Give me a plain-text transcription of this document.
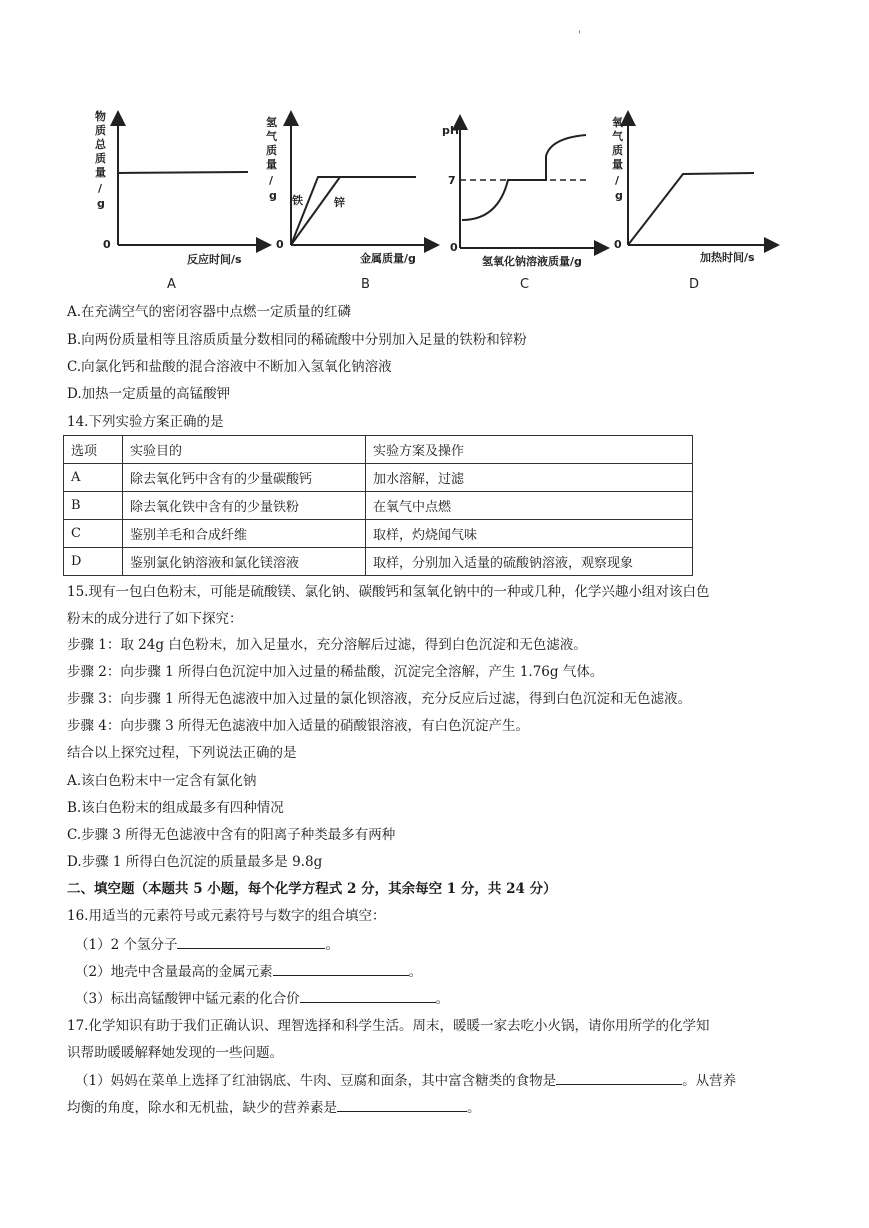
'
物
质
总
质
量
/
g
0
反应时间/s
A
氢
气
质
量
/
g 铁	锌
0
金属质量/g
B
pH
7
0
氢氧化钠溶液质量/g
C
氧
气
质
量
/
g
0
加热时间/s
D
A.在充满空气的密闭容器中点燃一定质量的红磷
B.向两份质量相等且溶质质量分数相同的稀硫酸中分别加入足量的铁粉和锌粉
C.向氯化钙和盐酸的混合溶液中不断加入氢氧化钠溶液
D.加热一定质量的高锰酸钾
14.下列实验方案正确的是
选项	实验目的	实验方案及操作
A	除去氧化钙中含有的少量碳酸钙	加水溶解，过滤
B	除去氧化铁中含有的少量铁粉	在氧气中点燃
C	鉴别羊毛和合成纤维	取样，灼烧闻气味
D	鉴别氯化钠溶液和氯化镁溶液	取样，分别加入适量的硫酸钠溶液，观察现象
15.现有一包白色粉末，可能是硫酸镁、氯化钠、碳酸钙和氢氧化钠中的一种或几种，化学兴趣小组对该白色
粉末的成分进行了如下探究：
步骤 1：取 24g 白色粉末，加入足量水，充分溶解后过滤，得到白色沉淀和无色滤液。
步骤 2：向步骤 1 所得白色沉淀中加入过量的稀盐酸，沉淀完全溶解，产生 1.76g 气体。
步骤 3：向步骤 1 所得无色滤液中加入过量的氯化钡溶液，充分反应后过滤，得到白色沉淀和无色滤液。
步骤 4：向步骤 3 所得无色滤液中加入适量的硝酸银溶液，有白色沉淀产生。
结合以上探究过程，下列说法正确的是
A.该白色粉末中一定含有氯化钠
B.该白色粉末的组成最多有四种情况
C.步骤 3 所得无色滤液中含有的阳离子种类最多有两种
D.步骤 1 所得白色沉淀的质量最多是 9.8g
二、填空题（本题共 5 小题，每个化学方程式 2 分，其余每空 1 分，共 24 分）
16.用适当的元素符号或元素符号与数字的组合填空：
（1）2 个氢分子	。
（2）地壳中含量最高的金属元素	。
（3）标出高锰酸钾中锰元素的化合价	。
17.化学知识有助于我们正确认识、理智选择和科学生活。周末，暖暖一家去吃小火锅，请你用所学的化学知
识帮助暖暖解释她发现的一些问题。
（1）妈妈在菜单上选择了红油锅底、牛肉、豆腐和面条，其中富含糖类的食物是	。从营养
均衡的角度，除水和无机盐，缺少的营养素是	。
